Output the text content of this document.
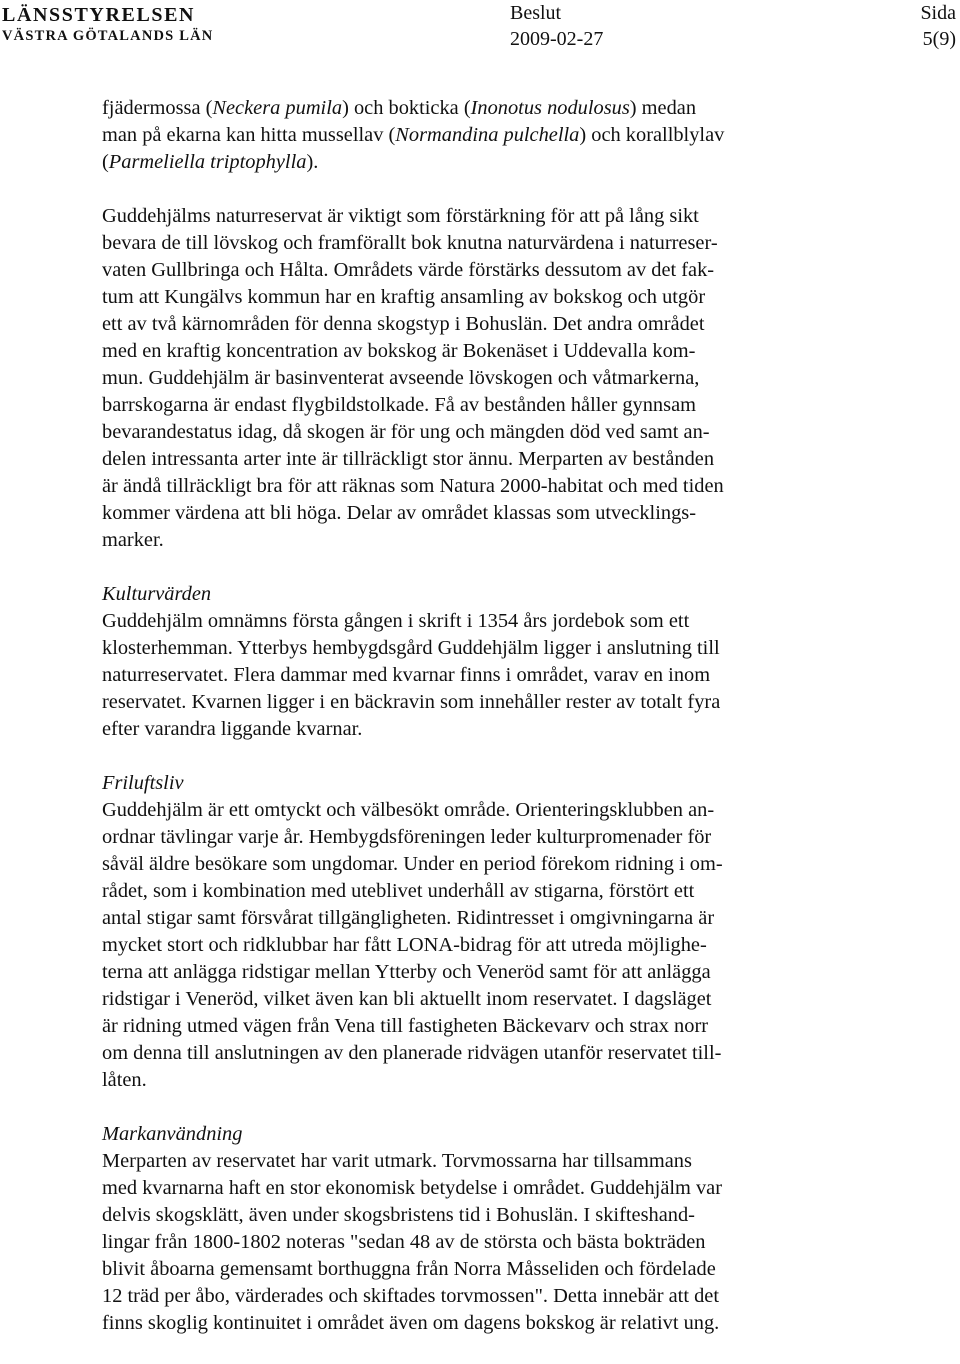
LÄNSSTYRELSEN
VÄSTRA GÖTALANDS LÄN
Beslut
2009-02-27
Sida
5(9)
fjädermossa (Neckera pumila) och bokticka (Inonotus nodulosus) medan
man på ekarna kan hitta mussellav (Normandina pulchella) och korallblylav
(Parmeliella triptophylla).
Guddehjälms naturreservat är viktigt som förstärkning för att på lång sikt
bevara de till lövskog och framförallt bok knutna naturvärdena i naturreser-
vaten Gullbringa och Hålta. Områdets värde förstärks dessutom av det fak-
tum att Kungälvs kommun har en kraftig ansamling av bokskog och utgör
ett av två kärnområden för denna skogstyp i Bohuslän. Det andra området
med en kraftig koncentration av bokskog är Bokenäset i Uddevalla kom-
mun. Guddehjälm är basinventerat avseende lövskogen och våtmarkerna,
barrskogarna är endast flygbildstolkade. Få av bestånden håller gynnsam
bevarandestatus idag, då skogen är för ung och mängden död ved samt an-
delen intressanta arter inte är tillräckligt stor ännu. Merparten av bestånden
är ändå tillräckligt bra för att räknas som Natura 2000-habitat och med tiden
kommer värdena att bli höga. Delar av området klassas som utvecklings-
marker.
Kulturvärden
Guddehjälm omnämns första gången i skrift i 1354 års jordebok som ett
klosterhemman. Ytterbys hembygdsgård Guddehjälm ligger i anslutning till
naturreservatet. Flera dammar med kvarnar finns i området, varav en inom
reservatet. Kvarnen ligger i en bäckravin som innehåller rester av totalt fyra
efter varandra liggande kvarnar.
Friluftsliv
Guddehjälm är ett omtyckt och välbesökt område. Orienteringsklubben an-
ordnar tävlingar varje år. Hembygdsföreningen leder kulturpromenader för
såväl äldre besökare som ungdomar. Under en period förekom ridning i om-
rådet, som i kombination med uteblivet underhåll av stigarna, förstört ett
antal stigar samt försvårat tillgängligheten. Ridintresset i omgivningarna är
mycket stort och ridklubbar har fått LONA-bidrag för att utreda möjlighe-
terna att anlägga ridstigar mellan Ytterby och Veneröd samt för att anlägga
ridstigar i Veneröd, vilket även kan bli aktuellt inom reservatet. I dagsläget
är ridning utmed vägen från Vena till fastigheten Bäckevarv och strax norr
om denna till anslutningen av den planerade ridvägen utanför reservatet till-
låten.
Markanvändning
Merparten av reservatet har varit utmark. Torvmossarna har tillsammans
med kvarnarna haft en stor ekonomisk betydelse i området. Guddehjälm var
delvis skogsklätt, även under skogsbristens tid i Bohuslän. I skifteshand-
lingar från 1800-1802 noteras "sedan 48 av de största och bästa bokträden
blivit åboarna gemensamt borthuggna från Norra Måsseliden och fördelade
12 träd per åbo, värderades och skiftades torvmossen". Detta innebär att det
finns skoglig kontinuitet i området även om dagens bokskog är relativt ung.
